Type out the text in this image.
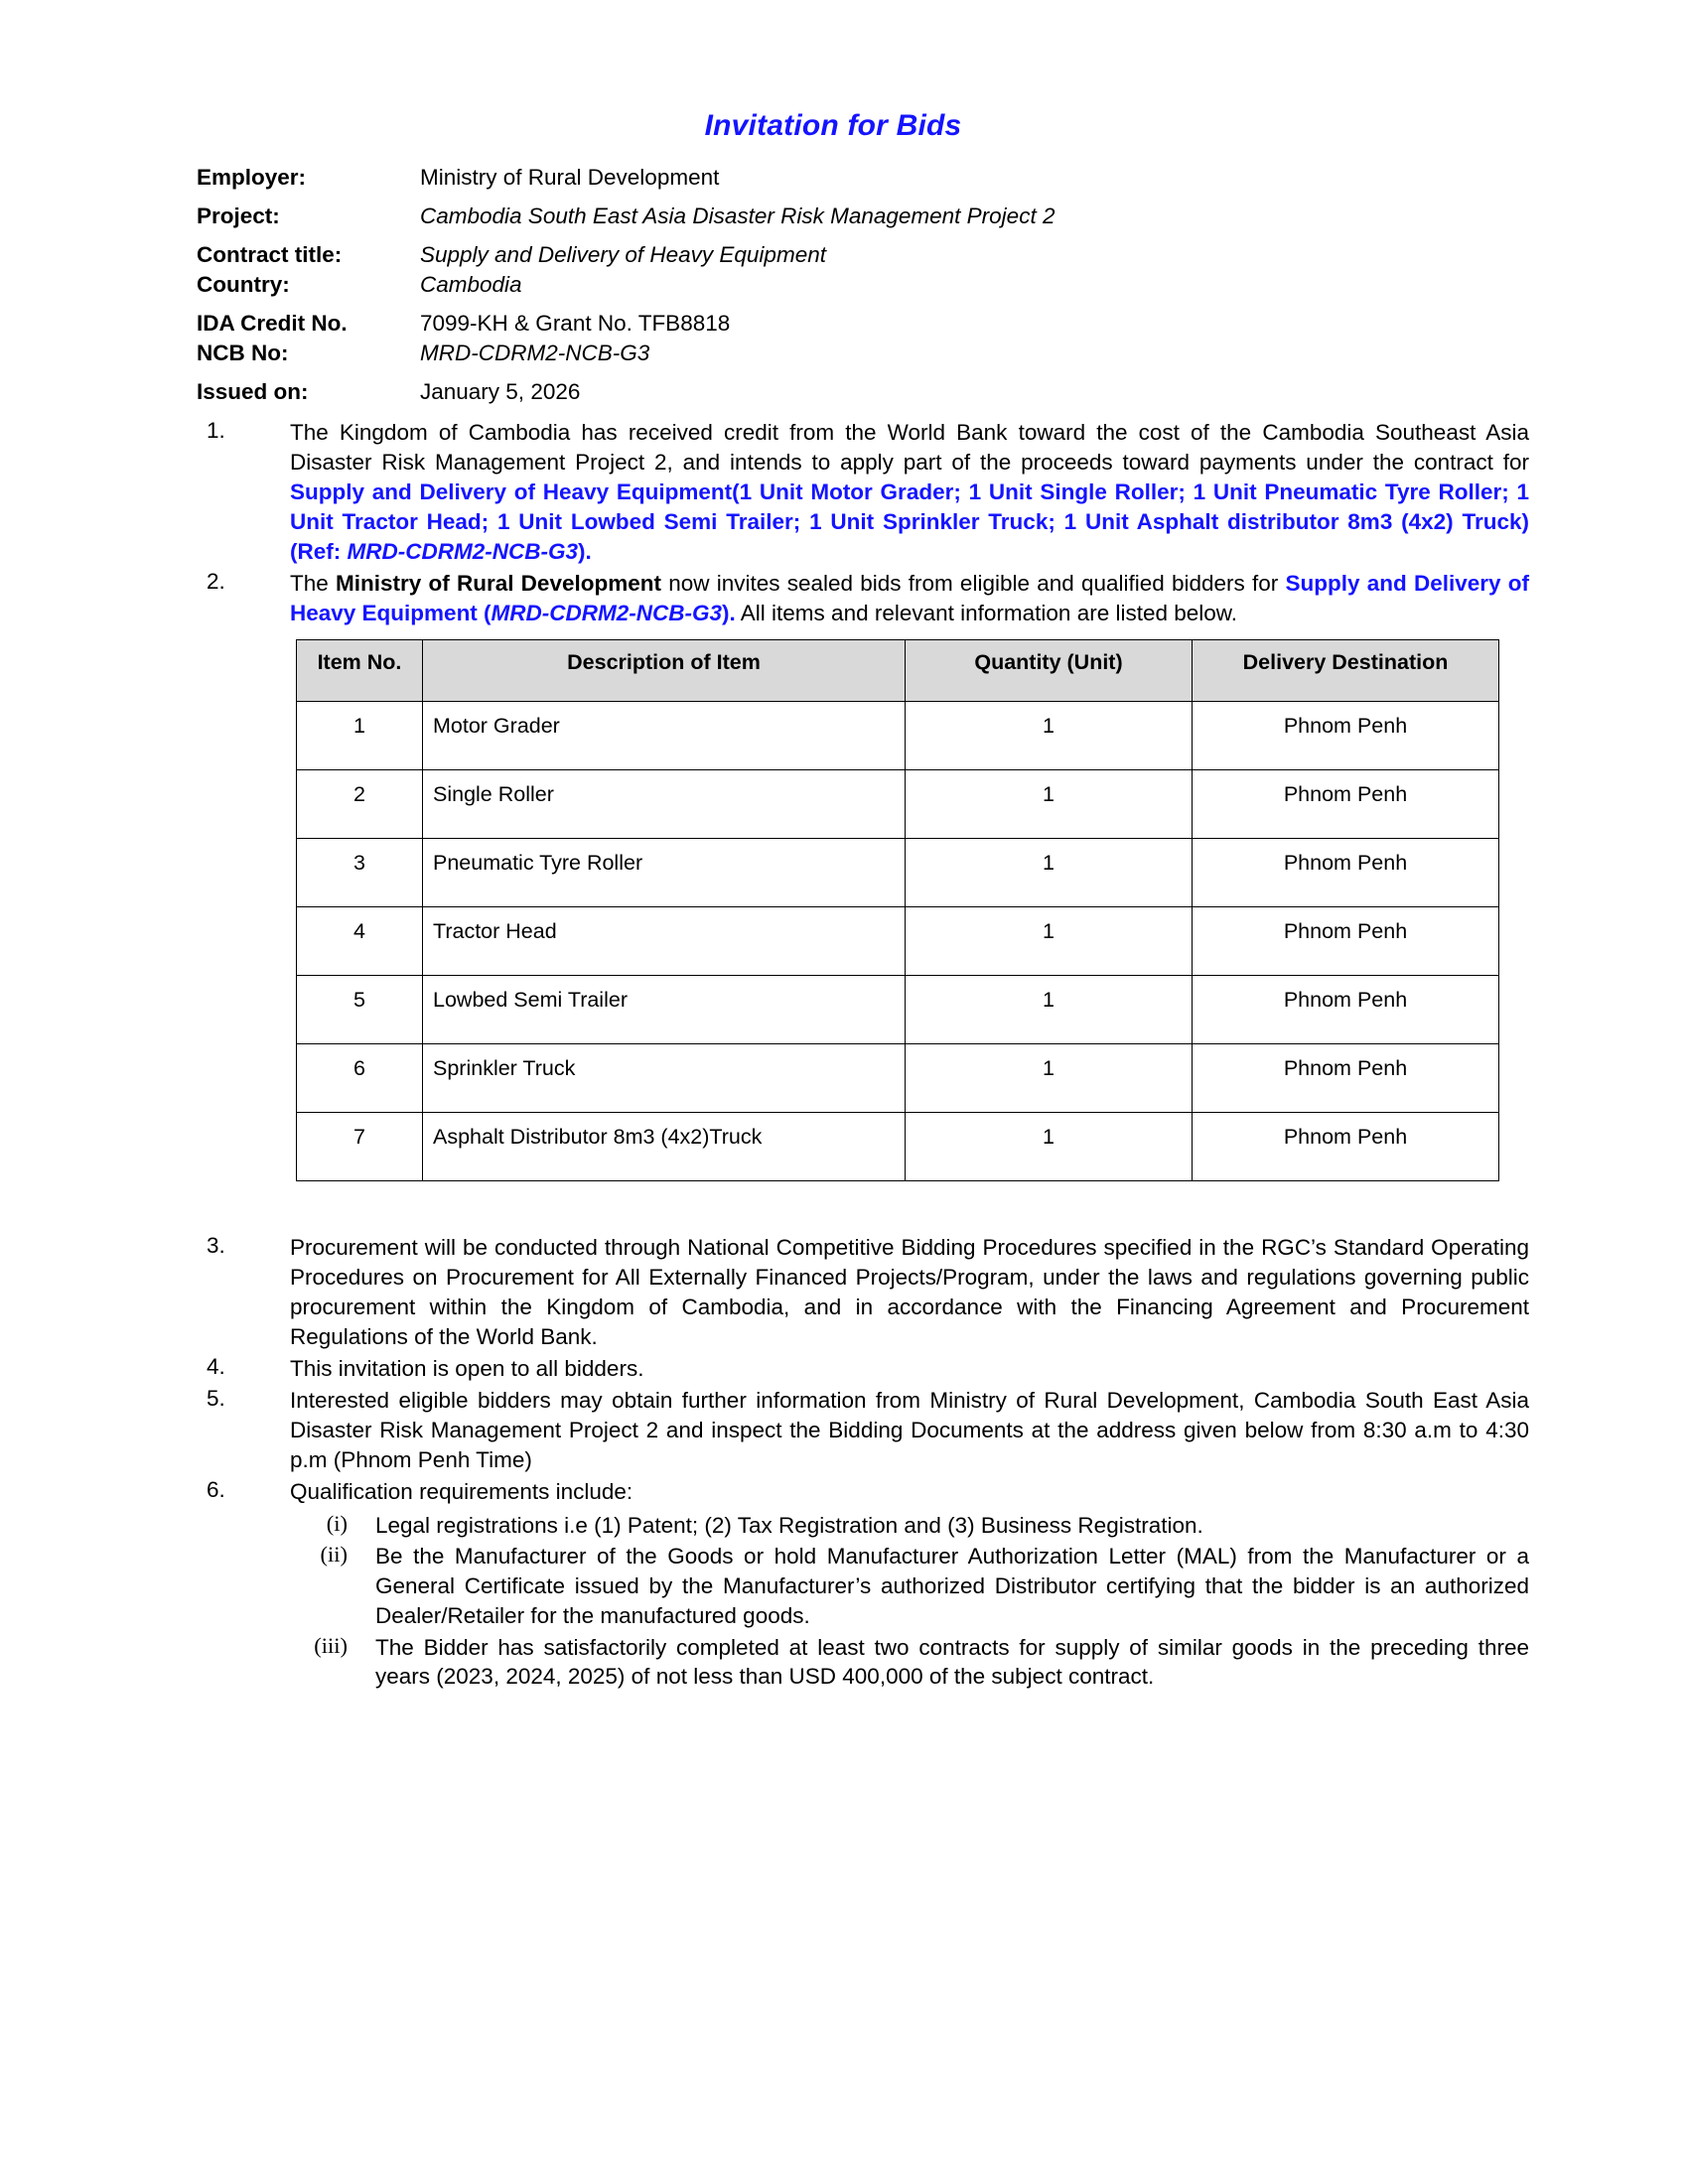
Invitation for Bids
Employer:	Ministry of Rural Development
Project:	Cambodia South East Asia Disaster Risk Management Project 2
Contract title:	Supply and Delivery of Heavy Equipment
Country:	Cambodia
IDA Credit No.	7099-KH & Grant No. TFB8818
NCB No:	MRD-CDRM2-NCB-G3
Issued on:	January 5, 2026
1.	The Kingdom of Cambodia has received credit from the World Bank toward the cost of the Cambodia Southeast Asia Disaster Risk Management Project 2, and intends to apply part of the proceeds toward payments under the contract for Supply and Delivery of Heavy Equipment(1 Unit Motor Grader; 1 Unit Single Roller; 1 Unit Pneumatic Tyre Roller; 1 Unit Tractor Head; 1 Unit Lowbed Semi Trailer; 1 Unit Sprinkler Truck; 1 Unit Asphalt distributor 8m3 (4x2) Truck) (Ref: MRD-CDRM2-NCB-G3).
2.	The Ministry of Rural Development now invites sealed bids from eligible and qualified bidders for Supply and Delivery of Heavy Equipment (MRD-CDRM2-NCB-G3). All items and relevant information are listed below.
Item No.	Description of Item	Quantity (Unit)	Delivery Destination
1	Motor Grader	1	Phnom Penh
2	Single Roller	1	Phnom Penh
3	Pneumatic Tyre Roller	1	Phnom Penh
4	Tractor Head	1	Phnom Penh
5	Lowbed Semi Trailer	1	Phnom Penh
6	Sprinkler Truck	1	Phnom Penh
7	Asphalt Distributor 8m3 (4x2)Truck	1	Phnom Penh
3.	Procurement will be conducted through National Competitive Bidding Procedures specified in the RGC’s Standard Operating Procedures on Procurement for All Externally Financed Projects/Program, under the laws and regulations governing public procurement within the Kingdom of Cambodia, and in accordance with the Financing Agreement and Procurement Regulations of the World Bank.
4.	This invitation is open to all bidders.
5.	Interested eligible bidders may obtain further information from Ministry of Rural Development, Cambodia South East Asia Disaster Risk Management Project 2 and inspect the Bidding Documents at the address given below from 8:30 a.m to 4:30 p.m (Phnom Penh Time)
6.	Qualification requirements include:
(i)	Legal registrations i.e (1) Patent; (2) Tax Registration and (3) Business Registration.
(ii)	Be the Manufacturer of the Goods or hold Manufacturer Authorization Letter (MAL) from the Manufacturer or a General Certificate issued by the Manufacturer’s authorized Distributor certifying that the bidder is an authorized Dealer/Retailer for the manufactured goods.
(iii)	The Bidder has satisfactorily completed at least two contracts for supply of similar goods in the preceding three years (2023, 2024, 2025) of not less than USD 400,000 of the subject contract.
